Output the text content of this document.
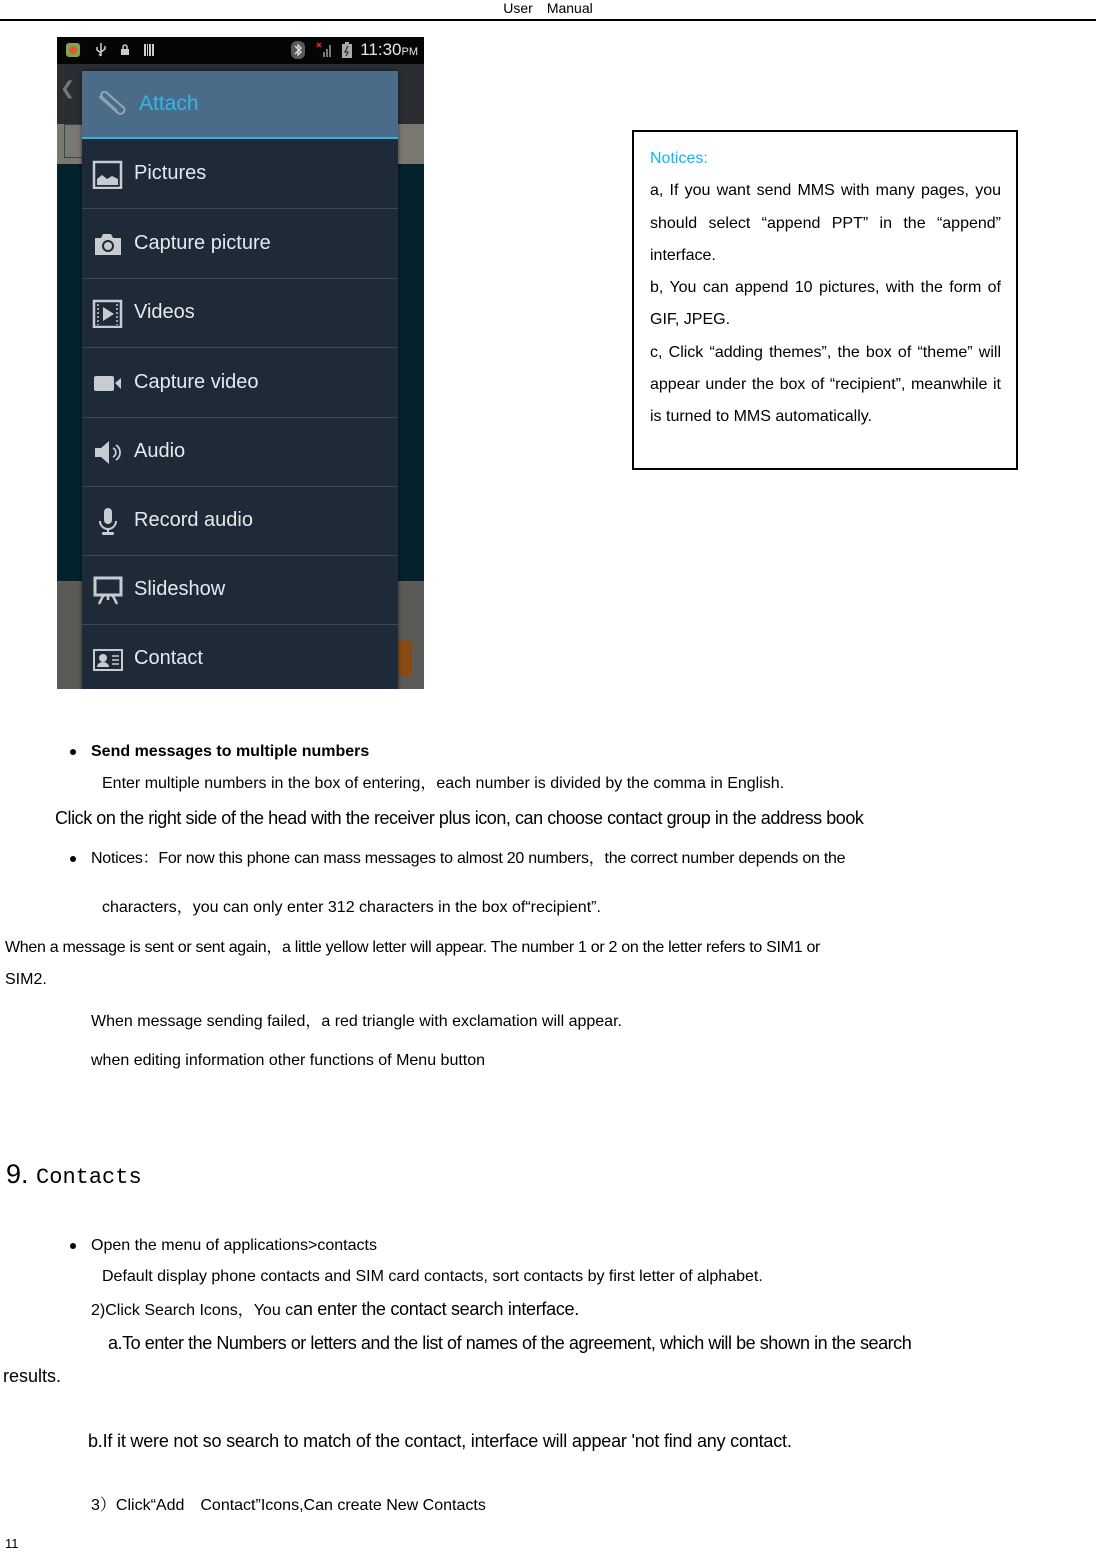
User Manual
11:30PM
❮
Attach
Pictures
Capture picture
Videos
Capture video
Audio
Record audio
Slideshow
Contact

Notices:

a, If you want send MMS with many pages, you should select “append PPT” in the “append” interface.

b, You can append 10 pictures, with the form of GIF, JPEG.

c, Click “adding themes”, the box of “theme” will appear under the box of “recipient”, meanwhile it is turned to MMS automatically.

Send messages to multiple numbers
Enter multiple numbers in the box of entering，each number is divided by the comma in English.
Click on the right side of the head with the receiver plus icon, can choose contact group in the address book
Notices：For now this phone can mass messages to almost 20 numbers，the correct number depends on the
characters，you can only enter 312 characters in the box of“recipient”.
When a message is sent or sent again，a little yellow letter will appear. The number 1 or 2 on the letter refers to SIM1 or
SIM2.
When message sending failed，a red triangle with exclamation will appear.
when editing information other functions of Menu button
9. Contacts
Open the menu of applications>contacts
Default display phone contacts and SIM card contacts, sort contacts by first letter of alphabet.
2)Click Search Icons，You can enter the contact search interface.
a.To enter the Numbers or letters and the list of names of the agreement, which will be shown in the search
results.
b.If it were not so search to match of the contact, interface will appear 'not find any contact.
3）Click“Add　Contact”Icons,Can create New Contacts
11
